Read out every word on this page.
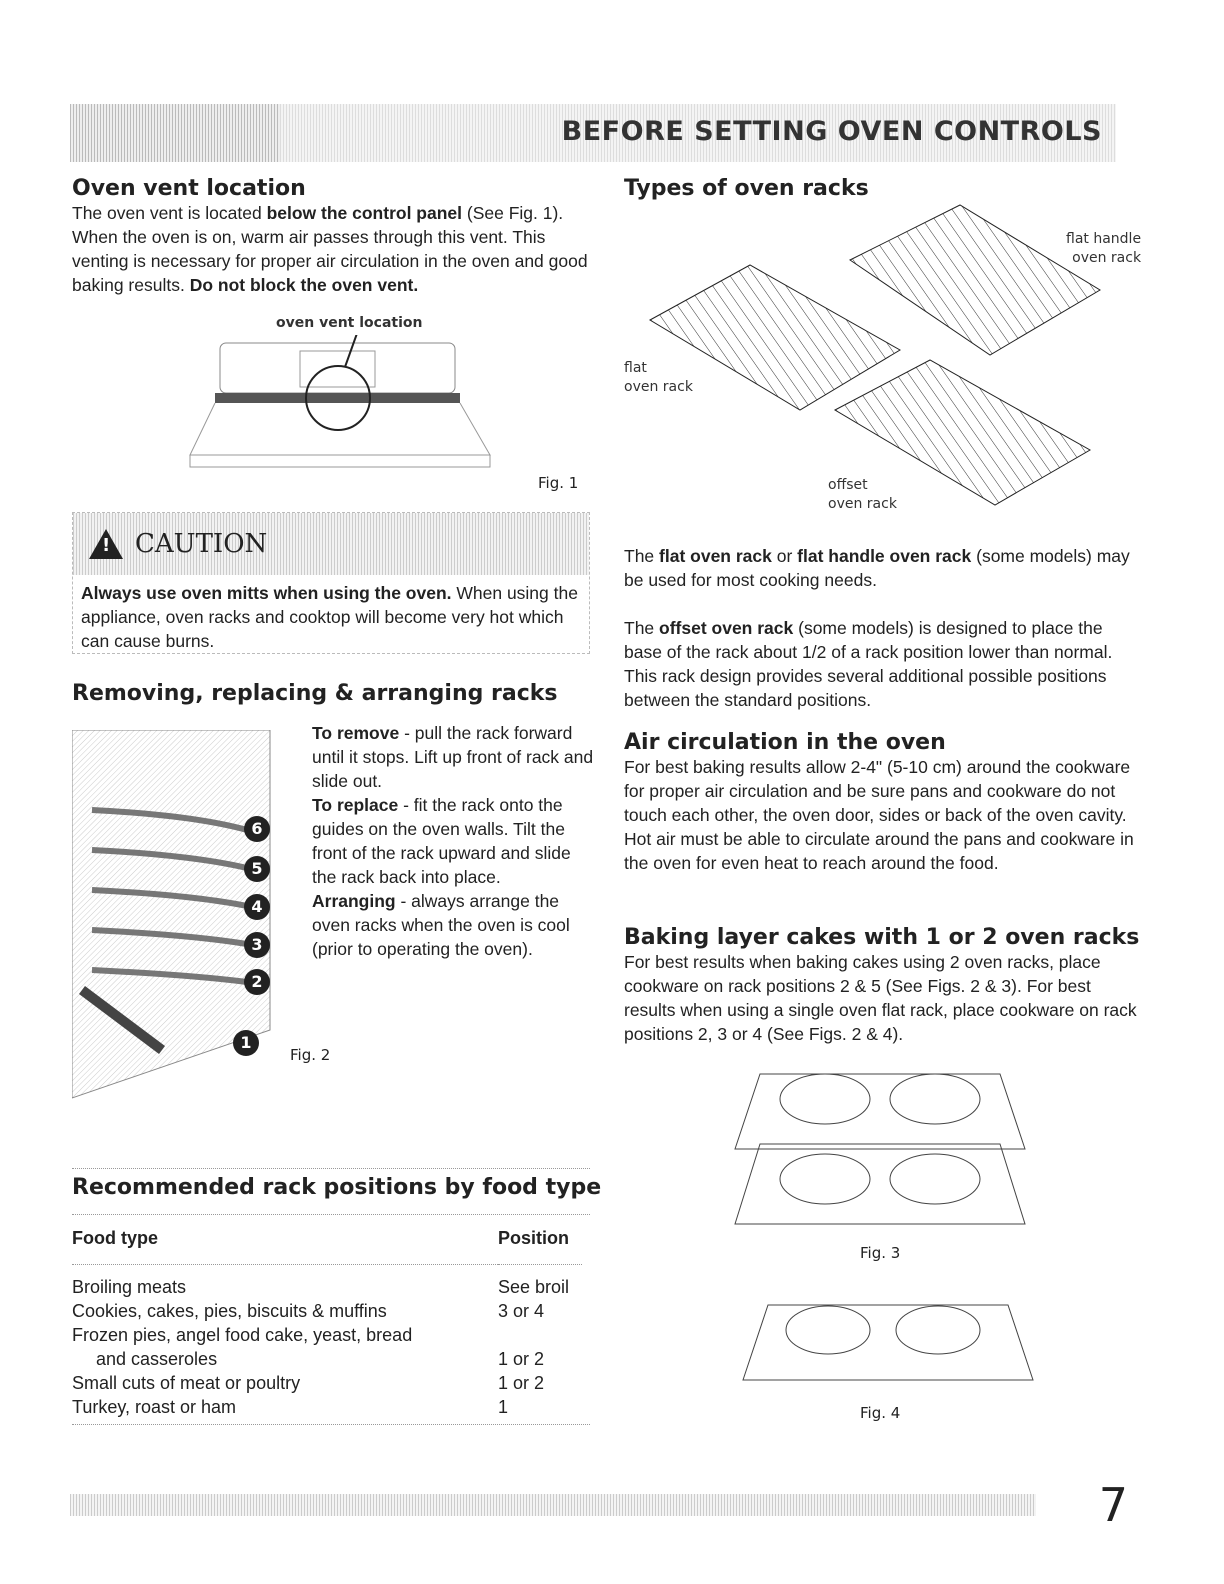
BEFORE SETTING OVEN CONTROLS
Oven vent location

The oven vent is located below the control panel (See Fig. 1). When the oven is on, warm air passes through this vent. This venting is necessary for proper air circulation in the oven and good baking results. Do not block the oven vent.

oven vent location
Fig. 1
! CAUTION

Always use oven mitts when using the oven. When using the appliance, oven racks and cooktop will become very hot which can cause burns.

Removing, replacing & arranging racks
6
5
4
3
2
1

To remove - pull the rack forward until it stops. Lift up front of rack and slide out.

To replace - fit the rack onto the guides on the oven walls. Tilt the front of the rack upward and slide the rack back into place.

Arranging - always arrange the oven racks when the oven is cool (prior to operating the oven).

Fig. 2
Recommended rack positions by food type
Food type	Position

Broiling meats	See broil
Cookies, cakes, pies, biscuits & muffins	3 or 4
Frozen pies, angel food cake, yeast, bread	
and casseroles	1 or 2
Small cuts of meat or poultry	1 or 2
Turkey, roast or ham	1
Types of oven racks
flat handle
oven rack
flat
oven rack
offset
oven rack

The flat oven rack or flat handle oven rack (some models) may be used for most cooking needs.

The offset oven rack (some models) is designed to place the base of the rack about 1/2 of a rack position lower than normal. This rack design provides several additional possible positions between the standard positions.

Air circulation in the oven

For best baking results allow 2-4" (5-10 cm) around the cookware for proper air circulation and be sure pans and cookware do not touch each other, the oven door, sides or back of the oven cavity. Hot air must be able to circulate around the pans and cookware in the oven for even heat to reach around the food.

Baking layer cakes with 1 or 2 oven racks

For best results when baking cakes using 2 oven racks, place cookware on rack positions 2 & 5 (See Figs. 2 & 3). For best results when using a single oven flat rack, place cookware on rack positions 2, 3 or 4 (See Figs. 2 & 4).

Fig. 3
Fig. 4
7
